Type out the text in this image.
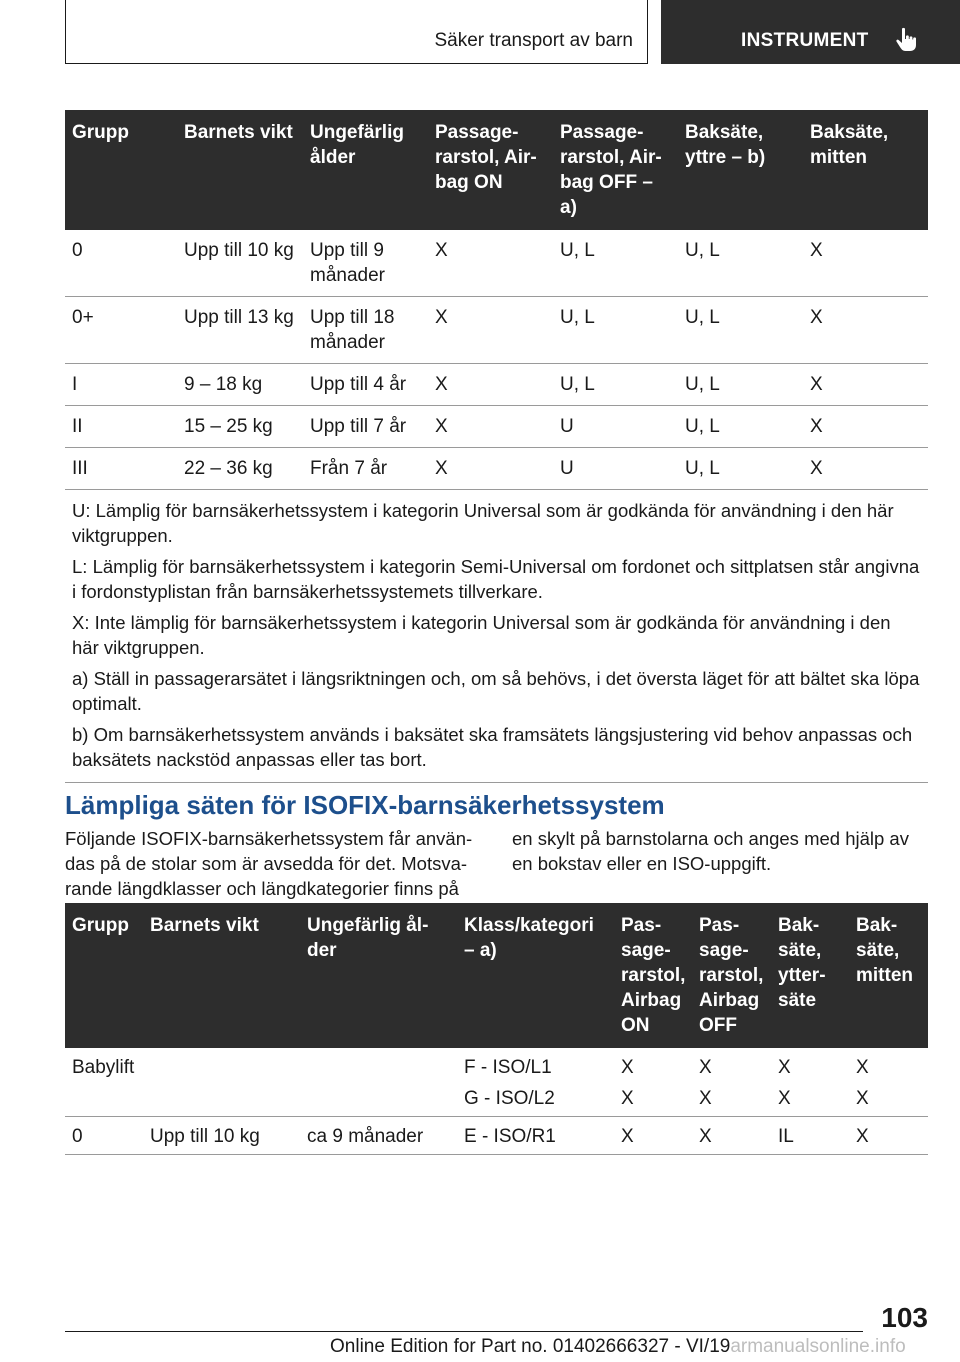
Säker transport av barn	INSTRUMENT
Grupp	Barnets vikt	Ungefärlig ålder	Passagerarstol, Airbag ON	Passagerarstol, Airbag OFF – a)	Baksäte, yttre – b)	Baksäte, mitten
0	Upp till 10 kg	Upp till 9 månader	X	U, L	U, L	X
0+	Upp till 13 kg	Upp till 18 månader	X	U, L	U, L	X
I	9 – 18 kg	Upp till 4 år	X	U, L	U, L	X
II	15 – 25 kg	Upp till 7 år	X	U	U, L	X
III	22 – 36 kg	Från 7 år	X	U	U, L	X

U: Lämplig för barnsäkerhetssystem i kategorin Universal som är godkända för användning i den här viktgruppen.

L: Lämplig för barnsäkerhetssystem i kategorin Semi-Universal om fordonet och sittplatsen står angivna i fordonstyplistan från barnsäkerhetssystemets tillverkare.

X: Inte lämplig för barnsäkerhetssystem i kategorin Universal som är godkända för användning i den här viktgruppen.

a) Ställ in passagerarsätet i längsriktningen och, om så behövs, i det översta läget för att bältet ska löpa optimalt.

b) Om barnsäkerhetssystem används i baksätet ska framsätets längsjustering vid behov anpassas och baksätets nackstöd anpassas eller tas bort.						

Lämpliga säten för ISOFIX-barnsäkerhetssystem

Följande ISOFIX-barnsäkerhetssystem får användas på de stolar som är avsedda för det. Motsvarande längdklasser och längdkategorier finns på

en skylt på barnstolarna och anges med hjälp av en bokstav eller en ISO-uppgift.

Grupp	Barnets vikt	Ungefärlig ålder	Klass/kategori – a)	Passagerarstol, Airbag ON	Passagerarstol, Airbag OFF	Baksäte, yttersäte	Baksäte, mitten
Babylift			F - ISO/L1	X	X	X	X
			G - ISO/L2	X	X	X	X
0	Upp till 10 kg	ca 9 månader	E - ISO/R1	X	X	IL	X
103
Online Edition for Part no. 01402666327 - VI/19armanualsonline.info
